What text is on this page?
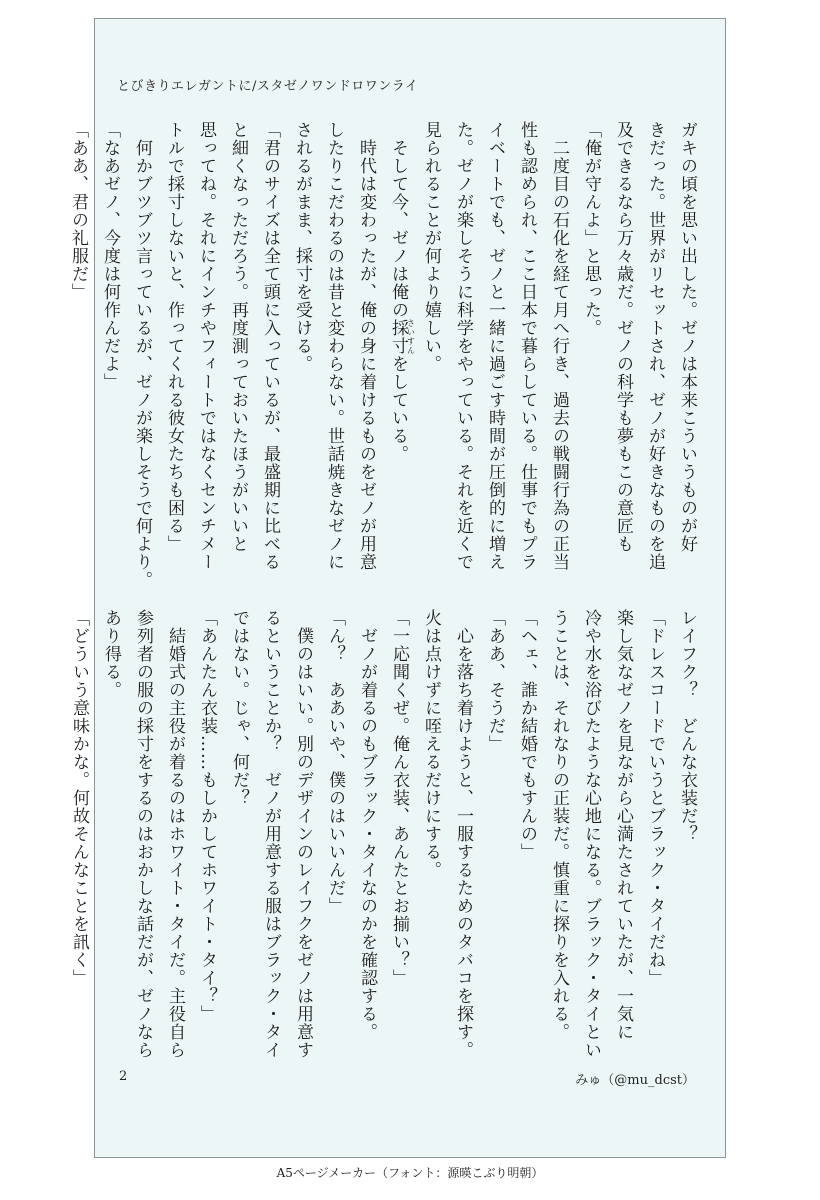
とびきりエレガントに/スタゼノワンドロワンライ
ガキの頃を思い出した。ゼノは本来こういうものが好
きだった。世界がリセットされ、ゼノが好きなものを追
及できるなら万々歳だ。ゼノの科学も夢もこの意匠も
「俺が守んよ」と思った。
　二度目の石化を経て月へ行き、過去の戦闘行為の正当
性も認められ、ここ日本で暮らしている。仕事でもプラ
イベートでも、ゼノと一緒に過ごす時間が圧倒的に増え
た。ゼノが楽しそうに科学をやっている。それを近くで
見られることが何より嬉しい。
　そして今、ゼノは俺の採寸さいすんをしている。
　時代は変わったが、俺の身に着けるものをゼノが用意
したりこだわるのは昔と変わらない。世話焼きなゼノに
されるがまま、採寸を受ける。
「君のサイズは全て頭に入っているが、最盛期に比べる
と細くなっただろう。再度測っておいたほうがいいと
思ってね。それにインチやフィートではなくセンチメー
トルで採寸しないと、作ってくれる彼女たちも困る」
　何かブツブツ言っているが、ゼノが楽しそうで何より。
「なあゼノ、今度は何作んだよ」
「ああ、君の礼服だ」
レイフク？　どんな衣装だ？
「ドレスコードでいうとブラック・タイだね」
楽し気なゼノを見ながら心満たされていたが、一気に
冷や水を浴びたような心地になる。ブラック・タイとい
うことは、それなりの正装だ。慎重に探りを入れる。
「ヘェ、誰か結婚でもすんの」
「ああ、そうだ」
　心を落ち着けようと、一服するためのタバコを探す。
火は点けずに咥えるだけにする。
「一応聞くぜ。俺ん衣装、あんたとお揃い？」
　ゼノが着るのもブラック・タイなのかを確認する。
「ん？　ああいや、僕のはいいんだ」
　僕のはいい。別のデザインのレイフクをゼノは用意す
るということか？　ゼノが用意する服はブラック・タイ
ではない。じゃ、何だ？
「あんたん衣装……もしかしてホワイト・タイ？」
　結婚式の主役が着るのはホワイト・タイだ。主役自ら
参列者の服の採寸をするのはおかしな話だが、ゼノなら
あり得る。
「どういう意味かな。何故そんなことを訊く」
2	みゅ（@mu_dcst）
A5ページメーカー（フォント：源暎こぶり明朝）
